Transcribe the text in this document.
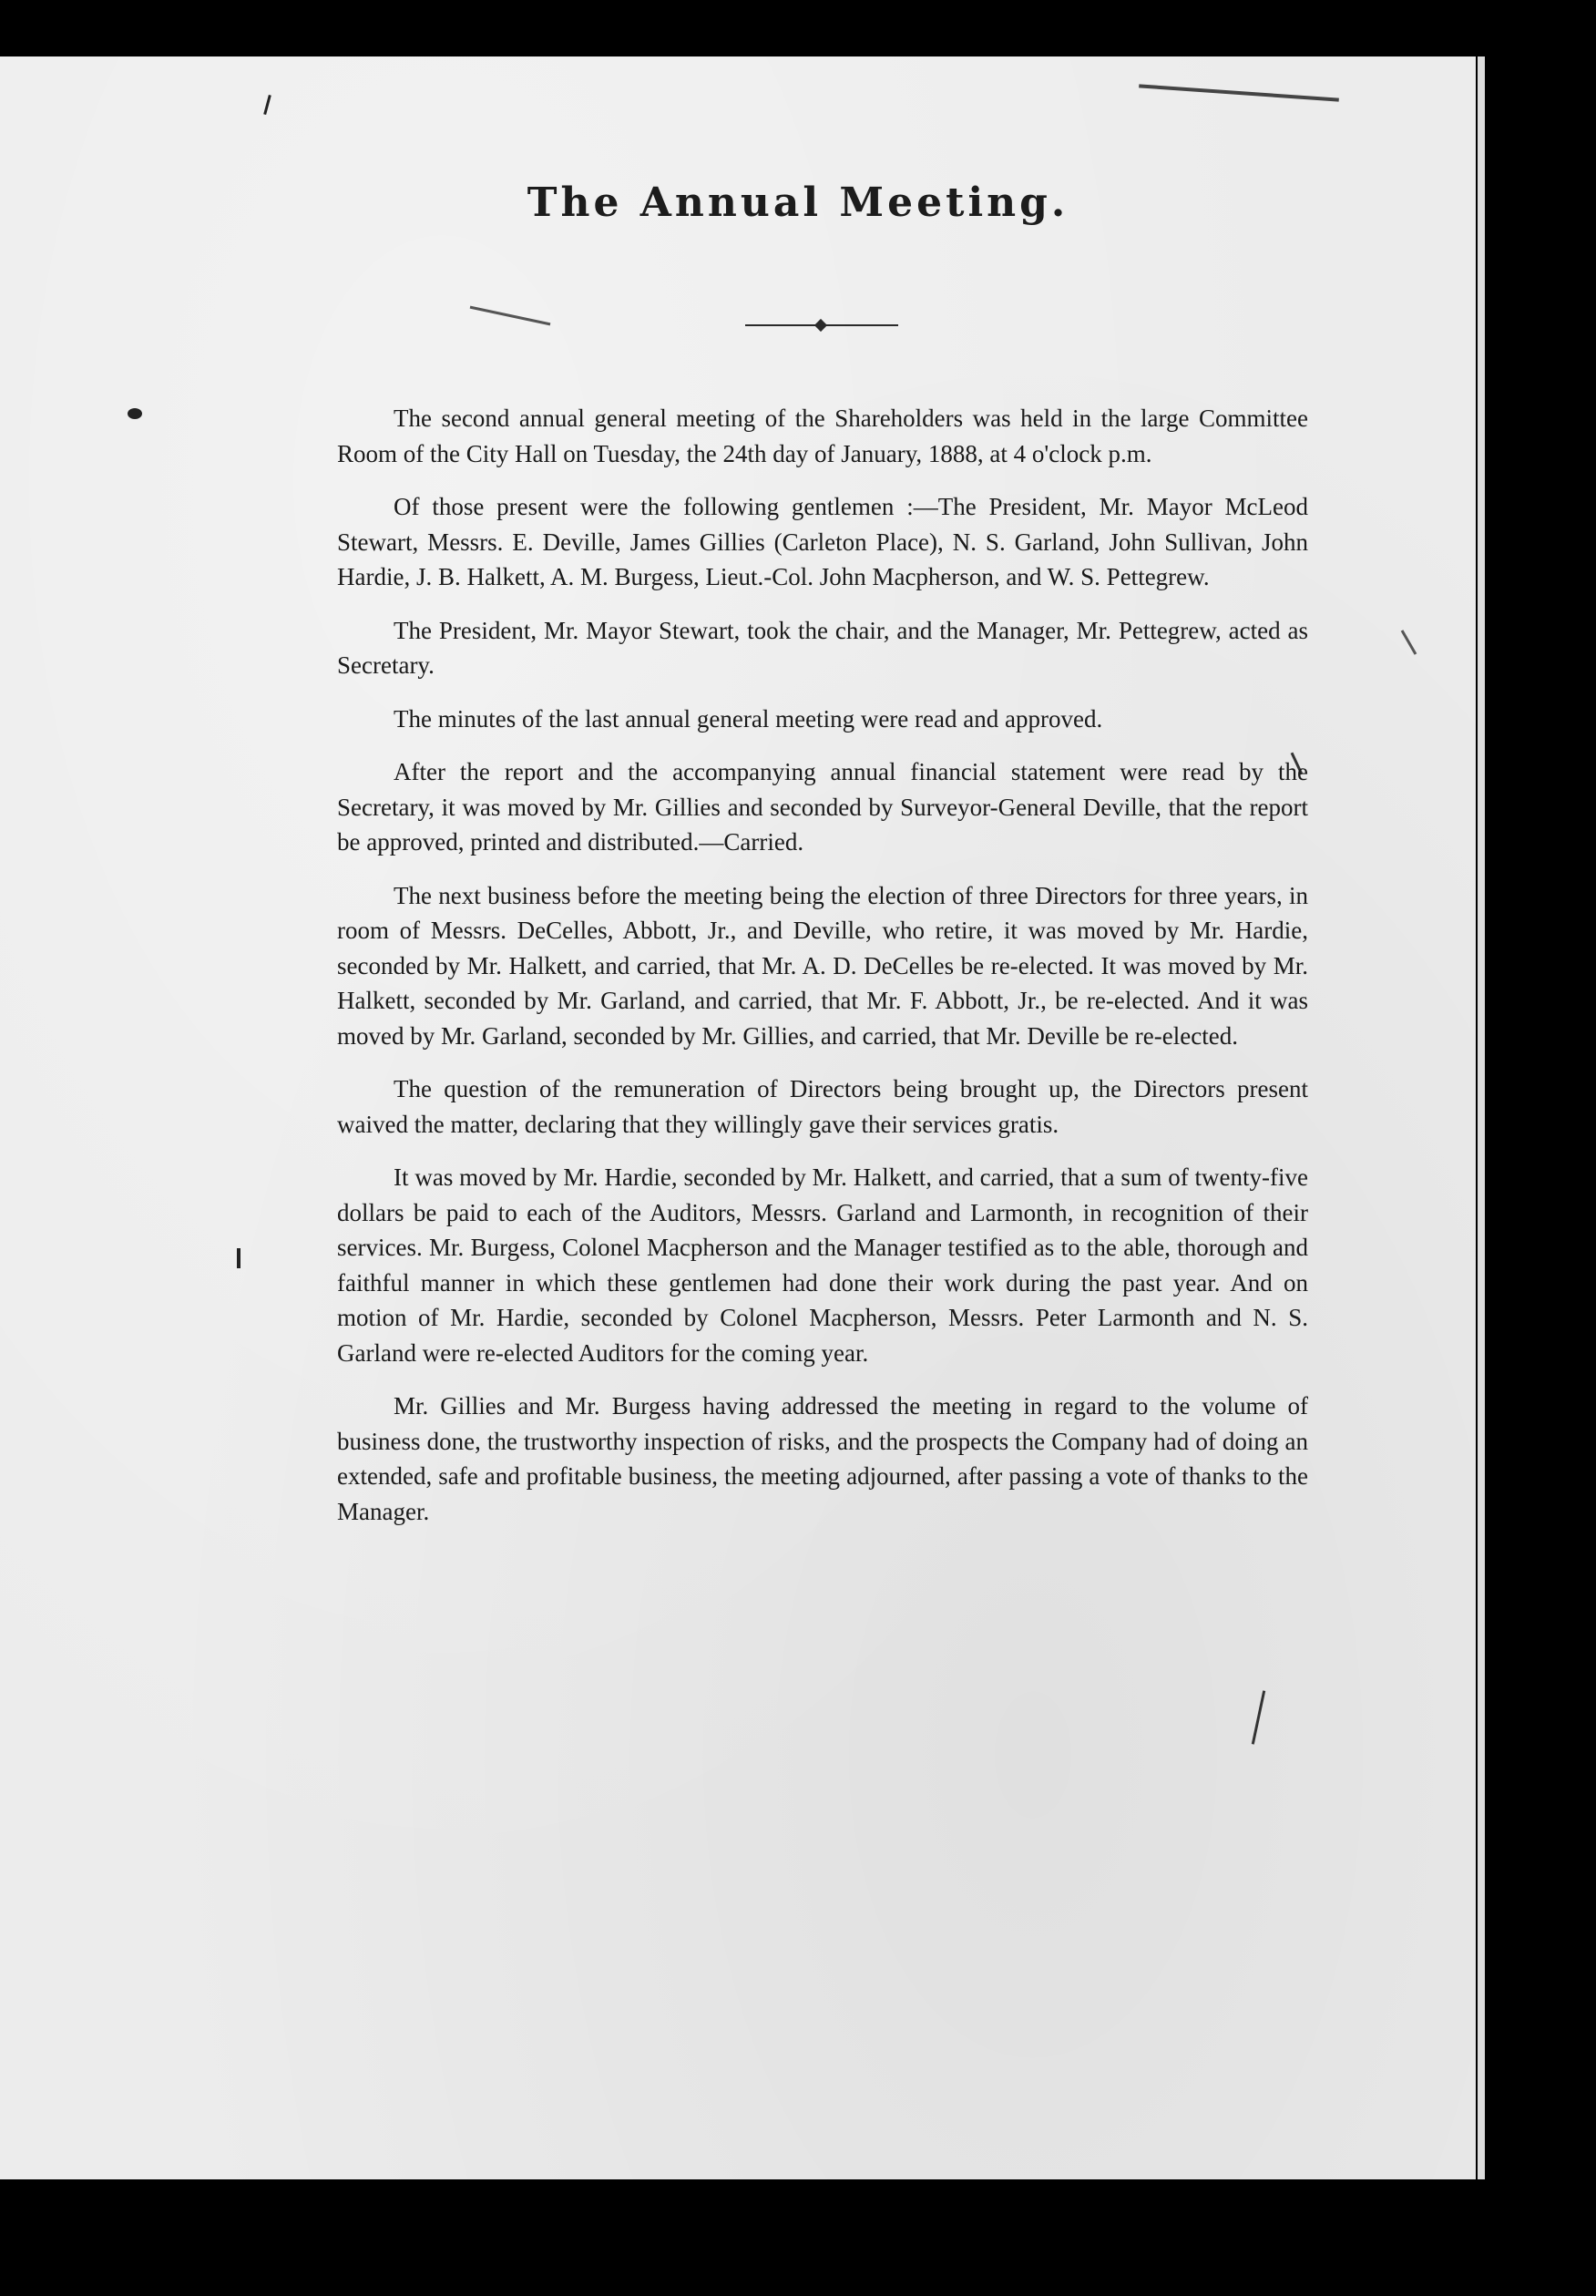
The Annual Meeting.

The second annual general meeting of the Shareholders was held in the large Committee Room of the City Hall on Tuesday, the 24th day of January, 1888, at 4 o'clock p.m.

Of those present were the following gentlemen :—The President, Mr. Mayor McLeod Stewart, Messrs. E. Deville, James Gillies (Carleton Place), N. S. Garland, John Sullivan, John Hardie, J. B. Halkett, A. M. Burgess, Lieut.-Col. John Macpherson, and W. S. Pettegrew.

The President, Mr. Mayor Stewart, took the chair, and the Manager, Mr. Pettegrew, acted as Secretary.

The minutes of the last annual general meeting were read and approved.

After the report and the accompanying annual financial statement were read by the Secretary, it was moved by Mr. Gillies and seconded by Surveyor-General Deville, that the report be approved, printed and distributed.—Carried.

The next business before the meeting being the election of three Directors for three years, in room of Messrs. DeCelles, Abbott, Jr., and Deville, who retire, it was moved by Mr. Hardie, seconded by Mr. Halkett, and carried, that Mr. A. D. DeCelles be re-elected. It was moved by Mr. Halkett, seconded by Mr. Garland, and carried, that Mr. F. Abbott, Jr., be re-elected. And it was moved by Mr. Garland, seconded by Mr. Gillies, and carried, that Mr. Deville be re-elected.

The question of the remuneration of Directors being brought up, the Directors present waived the matter, declaring that they willingly gave their services gratis.

It was moved by Mr. Hardie, seconded by Mr. Halkett, and carried, that a sum of twenty-five dollars be paid to each of the Auditors, Messrs. Garland and Larmonth, in recognition of their services. Mr. Burgess, Colonel Macpherson and the Manager testified as to the able, thorough and faithful manner in which these gentlemen had done their work during the past year. And on motion of Mr. Hardie, seconded by Colonel Macpherson, Messrs. Peter Larmonth and N. S. Garland were re-elected Auditors for the coming year.

Mr. Gillies and Mr. Burgess having addressed the meeting in regard to the volume of business done, the trustworthy inspection of risks, and the prospects the Company had of doing an extended, safe and profitable business, the meeting adjourned, after passing a vote of thanks to the Manager.
